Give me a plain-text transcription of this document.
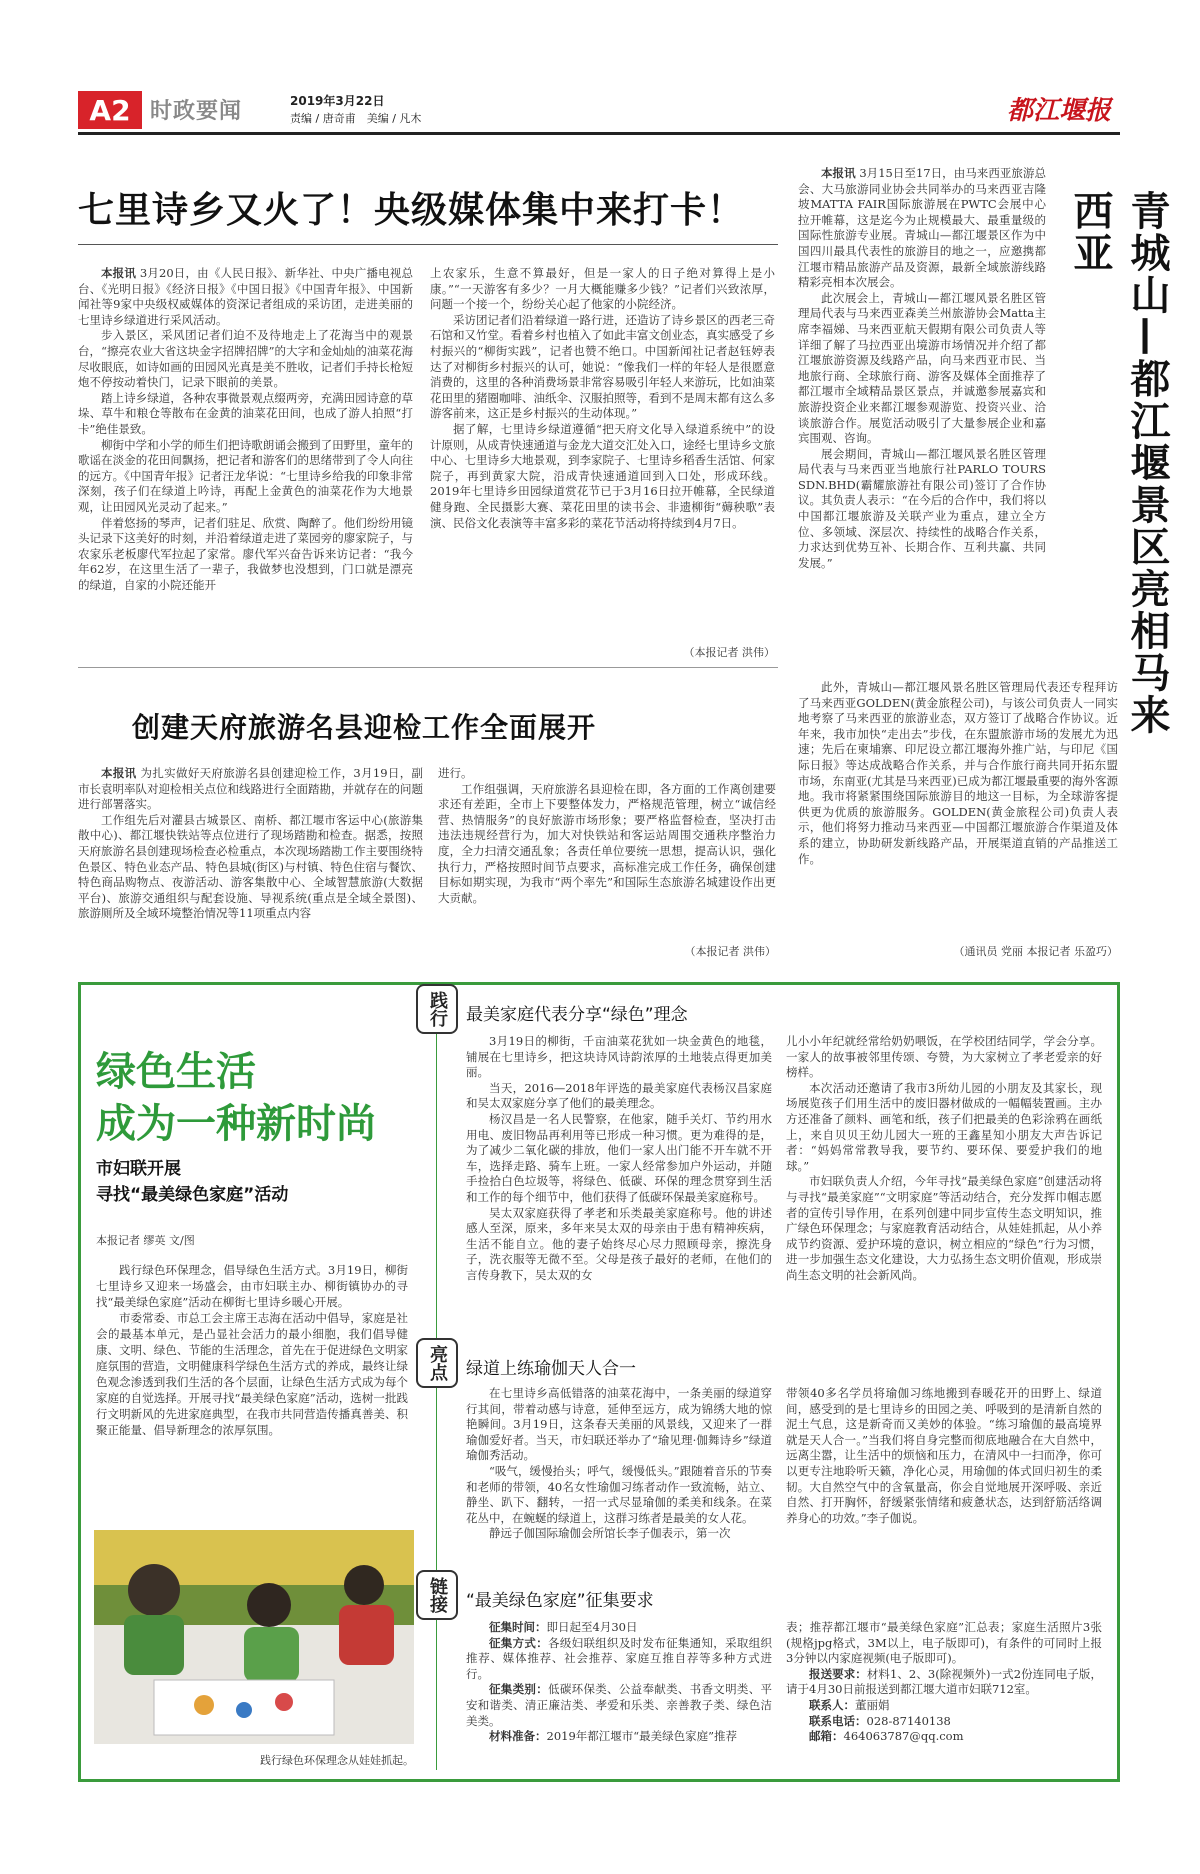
A2 时政要闻	2019年3月22日
责编 / 唐奇甫　美编 / 凡木	都江堰报
七里诗乡又火了！央级媒体集中来打卡！

本报讯 3月20日，由《人民日报》、新华社、中央广播电视总台、《光明日报》《经济日报》《中国日报》《中国青年报》、中国新闻社等9家中央级权威媒体的资深记者组成的采访团，走进美丽的七里诗乡绿道进行采风活动。

步入景区，采风团记者们迫不及待地走上了花海当中的观景台，“擦亮农业大省这块金字招牌招牌”的大字和金灿灿的油菜花海尽收眼底，如诗如画的田园风光真是美不胜收，记者们手持长枪短炮不停按动着快门，记录下眼前的美景。

踏上诗乡绿道，各种农事微景观点缀两旁，充满田园诗意的草垛、草牛和粮仓等散布在金黄的油菜花田间，也成了游人拍照“打卡”绝佳景致。

柳街中学和小学的师生们把诗歌朗诵会搬到了田野里，童年的歌谣在淡金的花田间飘扬，把记者和游客们的思绪带到了令人向往的远方。《中国青年报》记者汪龙华说：“七里诗乡给我的印象非常深刻，孩子们在绿道上吟诗，再配上金黄色的油菜花作为大地景观，让田园风光灵动了起来。”

伴着悠扬的琴声，记者们驻足、欣赏、陶醉了。他们纷纷用镜头记录下这美好的时刻，并沿着绿道走进了菜园旁的廖家院子，与农家乐老板廖代军拉起了家常。廖代军兴奋告诉来访记者：“我今年62岁，在这里生活了一辈子，我做梦也没想到，门口就是漂亮的绿道，自家的小院还能开

上农家乐，生意不算最好，但是一家人的日子绝对算得上是小康。”“一天游客有多少？一月大概能赚多少钱？”记者们兴致浓厚，问题一个接一个，纷纷关心起了他家的小院经济。

采访团记者们沿着绿道一路行进，还造访了诗乡景区的西老三奇石馆和又竹堂。看着乡村也植入了如此丰富文创业态，真实感受了乡村振兴的“柳街实践”，记者也赞不绝口。中国新闻社记者赵钰婷表达了对柳街乡村振兴的认可，她说：“像我们一样的年轻人是很愿意消费的，这里的各种消费场景非常容易吸引年轻人来游玩，比如油菜花田里的猪圈咖啡、油纸伞、汉服拍照等，看到不是周末都有这么多游客前来，这正是乡村振兴的生动体现。”

据了解，七里诗乡绿道遵循“把天府文化导入绿道系统中”的设计原则，从成青快速通道与金龙大道交汇处入口，途经七里诗乡文旅中心、七里诗乡大地景观，到李家院子、七里诗乡稻香生活馆、何家院子，再到黄家大院，沿成青快速通道回到入口处，形成环线。2019年七里诗乡田园绿道赏花节已于3月16日拉开帷幕，全民绿道健身跑、全民摄影大赛、菜花田里的读书会、非遗柳街“薅秧歌”表演、民俗文化表演等丰富多彩的菜花节活动将持续到4月7日。

（本报记者 洪伟）
创建天府旅游名县迎检工作全面展开

本报讯 为扎实做好天府旅游名县创建迎检工作，3月19日，副市长袁明率队对迎检相关点位和线路进行全面踏勘，并就存在的问题进行部署落实。

工作组先后对灌县古城景区、南桥、都江堰市客运中心(旅游集散中心)、都江堰快铁站等点位进行了现场踏勘和检查。据悉，按照天府旅游名县创建现场检查必检重点，本次现场踏勘工作主要围绕特色景区、特色业态产品、特色县城(街区)与村镇、特色住宿与餐饮、特色商品购物点、夜游活动、游客集散中心、全域智慧旅游(大数据平台)、旅游交通组织与配套设施、导视系统(重点是全域全景图)、旅游厕所及全域环境整治情况等11项重点内容

进行。

工作组强调，天府旅游名县迎检在即，各方面的工作离创建要求还有差距，全市上下要整体发力，严格规范管理，树立“诚信经营、热情服务”的良好旅游市场形象；要严格监督检查，坚决打击违法违规经营行为，加大对快铁站和客运站周围交通秩序整治力度，全力扫清交通乱象；各责任单位要统一思想，提高认识，强化执行力，严格按照时间节点要求，高标准完成工作任务，确保创建目标如期实现，为我市“两个率先”和国际生态旅游名城建设作出更大贡献。

（本报记者 洪伟）

本报讯 3月15日至17日，由马来西亚旅游总会、大马旅游同业协会共同举办的马来西亚吉隆坡MATTA FAIR国际旅游展在PWTC会展中心拉开帷幕，这是迄今为止规模最大、最重量级的国际性旅游专业展。青城山—都江堰景区作为中国四川最具代表性的旅游目的地之一，应邀携都江堰市精品旅游产品及资源，最新全域旅游线路精彩亮相本次展会。

此次展会上，青城山—都江堰风景名胜区管理局代表与马来西亚森美兰州旅游协会Matta主席李福娣、马来西亚航天假期有限公司负责人等详细了解了马拉西亚出境游市场情况并介绍了都江堰旅游资源及线路产品，向马来西亚市民、当地旅行商、全球旅行商、游客及媒体全面推荐了都江堰市全域精品景区景点，并诚邀参展嘉宾和旅游投资企业来都江堰参观游览、投资兴业、洽谈旅游合作。展览活动吸引了大量参展企业和嘉宾围观、咨询。

展会期间，青城山—都江堰风景名胜区管理局代表与马来西亚当地旅行社PARLO TOURS SDN.BHD(霸耀旅游社有限公司)签订了合作协议。其负责人表示：“在今后的合作中，我们将以中国都江堰旅游及关联产业为重点，建立全方位、多领域、深层次、持续性的战略合作关系，力求达到优势互补、长期合作、互利共赢、共同发展。”	青城山—都江堰景区亮相马来西亚

此外，青城山—都江堰风景名胜区管理局代表还专程拜访了马来西亚GOLDEN(黄金旅程公司)，与该公司负责人一同实地考察了马来西亚的旅游业态，双方签订了战略合作协议。近年来，我市加快“走出去”步伐，在东盟旅游市场的发展尤为迅速；先后在柬埔寨、印尼设立都江堰海外推广站，与印尼《国际日报》等达成战略合作关系，并与合作旅行商共同开拓东盟市场，东南亚(尤其是马来西亚)已成为都江堰最重要的海外客源地。我市将紧紧围绕国际旅游目的地这一目标，为全球游客提供更为优质的旅游服务。GOLDEN(黄金旅程公司)负责人表示，他们将努力推动马来西亚—中国都江堰旅游合作渠道及体系的建立，协助研发新线路产品，开展渠道直销的产品推送工作。

（通讯员 党丽 本报记者 乐盈巧）
绿色生活
成为一种新时尚
市妇联开展
寻找“最美绿色家庭”活动
本报记者 缪英 文/图

践行绿色环保理念，倡导绿色生活方式。3月19日，柳街七里诗乡又迎来一场盛会，由市妇联主办、柳街镇协办的寻找“最美绿色家庭”活动在柳街七里诗乡暖心开展。

市委常委、市总工会主席王志海在活动中倡导，家庭是社会的最基本单元，是凸显社会活力的最小细胞，我们倡导健康、文明、绿色、节能的生活理念，首先在于促进绿色文明家庭氛围的营造，文明健康科学绿色生活方式的养成，最终让绿色观念渗透到我们生活的各个层面，让绿色生活方式成为每个家庭的自觉选择。开展寻找“最美绿色家庭”活动，选树一批践行文明新风的先进家庭典型，在我市共同营造传播真善美、积聚正能量、倡导新理念的浓厚氛围。

践行绿色环保理念从娃娃抓起。
践行
亮点
链接
最美家庭代表分享“绿色”理念

3月19日的柳街，千亩油菜花犹如一块金黄色的地毯，铺展在七里诗乡，把这块诗风诗韵浓厚的土地装点得更加美丽。

当天，2016—2018年评选的最美家庭代表杨汉昌家庭和吴太双家庭分享了他们的最美理念。

杨汉昌是一名人民警察，在他家，随手关灯、节约用水用电、废旧物品再利用等已形成一种习惯。更为难得的是，为了减少二氧化碳的排放，他们一家人出门能不开车就不开车，选择走路、骑车上班。一家人经常参加户外运动，并随手捡拾白色垃圾等，将绿色、低碳、环保的理念贯穿到生活和工作的每个细节中，他们获得了低碳环保最美家庭称号。

吴太双家庭获得了孝老和乐类最美家庭称号。他的讲述感人至深，原来，多年来吴太双的母亲由于患有精神疾病，生活不能自立。他的妻子始终尽心尽力照顾母亲，擦洗身子，洗衣服等无微不至。父母是孩子最好的老师，在他们的言传身教下，吴太双的女

儿小小年纪就经常给奶奶喂饭，在学校团结同学，学会分享。一家人的故事被邻里传颂、夸赞，为大家树立了孝老爱亲的好榜样。

本次活动还邀请了我市3所幼儿园的小朋友及其家长，现场展览孩子们用生活中的废旧器材做成的一幅幅装置画。主办方还准备了颜料、画笔和纸，孩子们把最美的色彩涂鸦在画纸上，来自贝贝王幼儿园大一班的王鑫星知小朋友大声告诉记者：“妈妈常常教导我，要节约、要环保、要爱护我们的地球。”

市妇联负责人介绍，今年寻找“最美绿色家庭”创建活动将与寻找“最美家庭”“文明家庭”等活动结合，充分发挥巾帼志愿者的宣传引导作用，在系列创建中同步宣传生态文明知识，推广绿色环保理念；与家庭教育活动结合，从娃娃抓起，从小养成节约资源、爱护环境的意识，树立相应的“绿色”行为习惯，进一步加强生态文化建设，大力弘扬生态文明价值观，形成崇尚生态文明的社会新风尚。

绿道上练瑜伽天人合一

在七里诗乡高低错落的油菜花海中，一条美丽的绿道穿行其间，带着动感与诗意，延伸至远方，成为锦绣大地的惊艳瞬间。3月19日，这条春天美丽的风景线，又迎来了一群瑜伽爱好者。当天，市妇联还举办了“瑜见理·伽舞诗乡”绿道瑜伽秀活动。

“吸气，缓慢抬头；呼气，缓慢低头。”跟随着音乐的节奏和老师的带领，40名女性瑜伽习练者动作一致流畅，站立、静坐、趴下、翻转，一招一式尽显瑜伽的柔美和线条。在菜花丛中，在蜿蜒的绿道上，这群习练者是最美的女人花。

静远子伽国际瑜伽会所馆长李子伽表示，第一次

带领40多名学员将瑜伽习练地搬到春暖花开的田野上、绿道间，感受到的是七里诗乡的田园之美、呼吸到的是清新自然的泥土气息，这是新奇而又美妙的体验。“练习瑜伽的最高境界就是天人合一。”当我们将自身完整而彻底地融合在大自然中，远离尘嚣，让生活中的烦恼和压力，在清风中一扫而净，你可以更专注地聆听天籁，净化心灵，用瑜伽的体式回归初生的柔韧。大自然空气中的含氧量高，你会自觉地展开深呼吸、亲近自然、打开胸怀，舒缓紧张情绪和疲惫状态，达到舒筋活络调养身心的功效。”李子伽说。

“最美绿色家庭”征集要求

征集时间：即日起至4月30日

征集方式：各级妇联组织及时发布征集通知，采取组织推荐、媒体推荐、社会推荐、家庭互推自荐等多种方式进行。

征集类别：低碳环保类、公益奉献类、书香文明类、平安和谐类、清正廉洁类、孝爱和乐类、亲善教子类、绿色洁美类。

材料准备：2019年都江堰市“最美绿色家庭”推荐

表；推荐都江堰市“最美绿色家庭”汇总表；家庭生活照片3张(规格jpg格式，3M以上，电子版即可)，有条件的可同时上报3分钟以内家庭视频(电子版即可)。

报送要求：材料1、2、3(除视频外)一式2份连同电子版，请于4月30日前报送到都江堰大道市妇联712室。

联系人：董丽娟

联系电话：028-87140138

邮箱：464063787@qq.com
